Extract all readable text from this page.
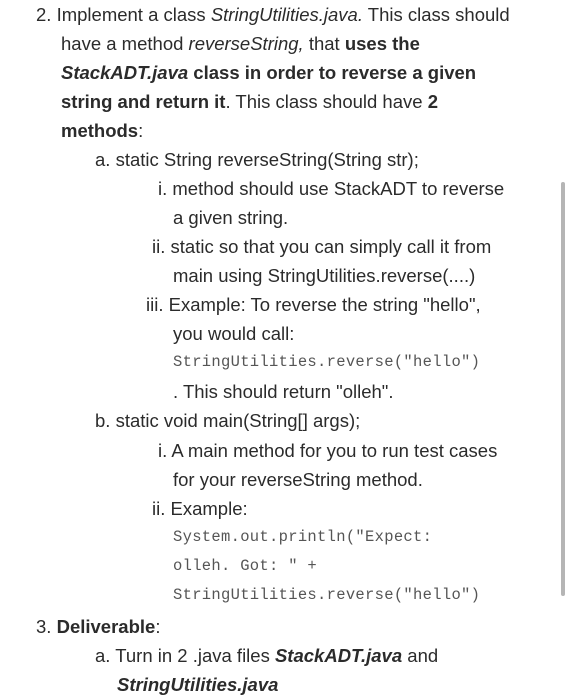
2. Implement a class StringUtilities.java. This class should
have a method reverseString, that uses the
StackADT.java class in order to reverse a given
string and return it. This class should have 2
methods:
a. static String reverseString(String str);
i. method should use StackADT to reverse
a given string.
ii. static so that you can simply call it from
main using StringUtilities.reverse(....)
iii. Example: To reverse the string "hello",
you would call:
StringUtilities.reverse("hello")
. This should return "olleh".
b. static void main(String[] args);
i. A main method for you to run test cases
for your reverseString method.
ii. Example:
System.out.println("Expect:
olleh. Got: " +
StringUtilities.reverse("hello")
3. Deliverable:
a. Turn in 2 .java files StackADT.java and
StringUtilities.java
